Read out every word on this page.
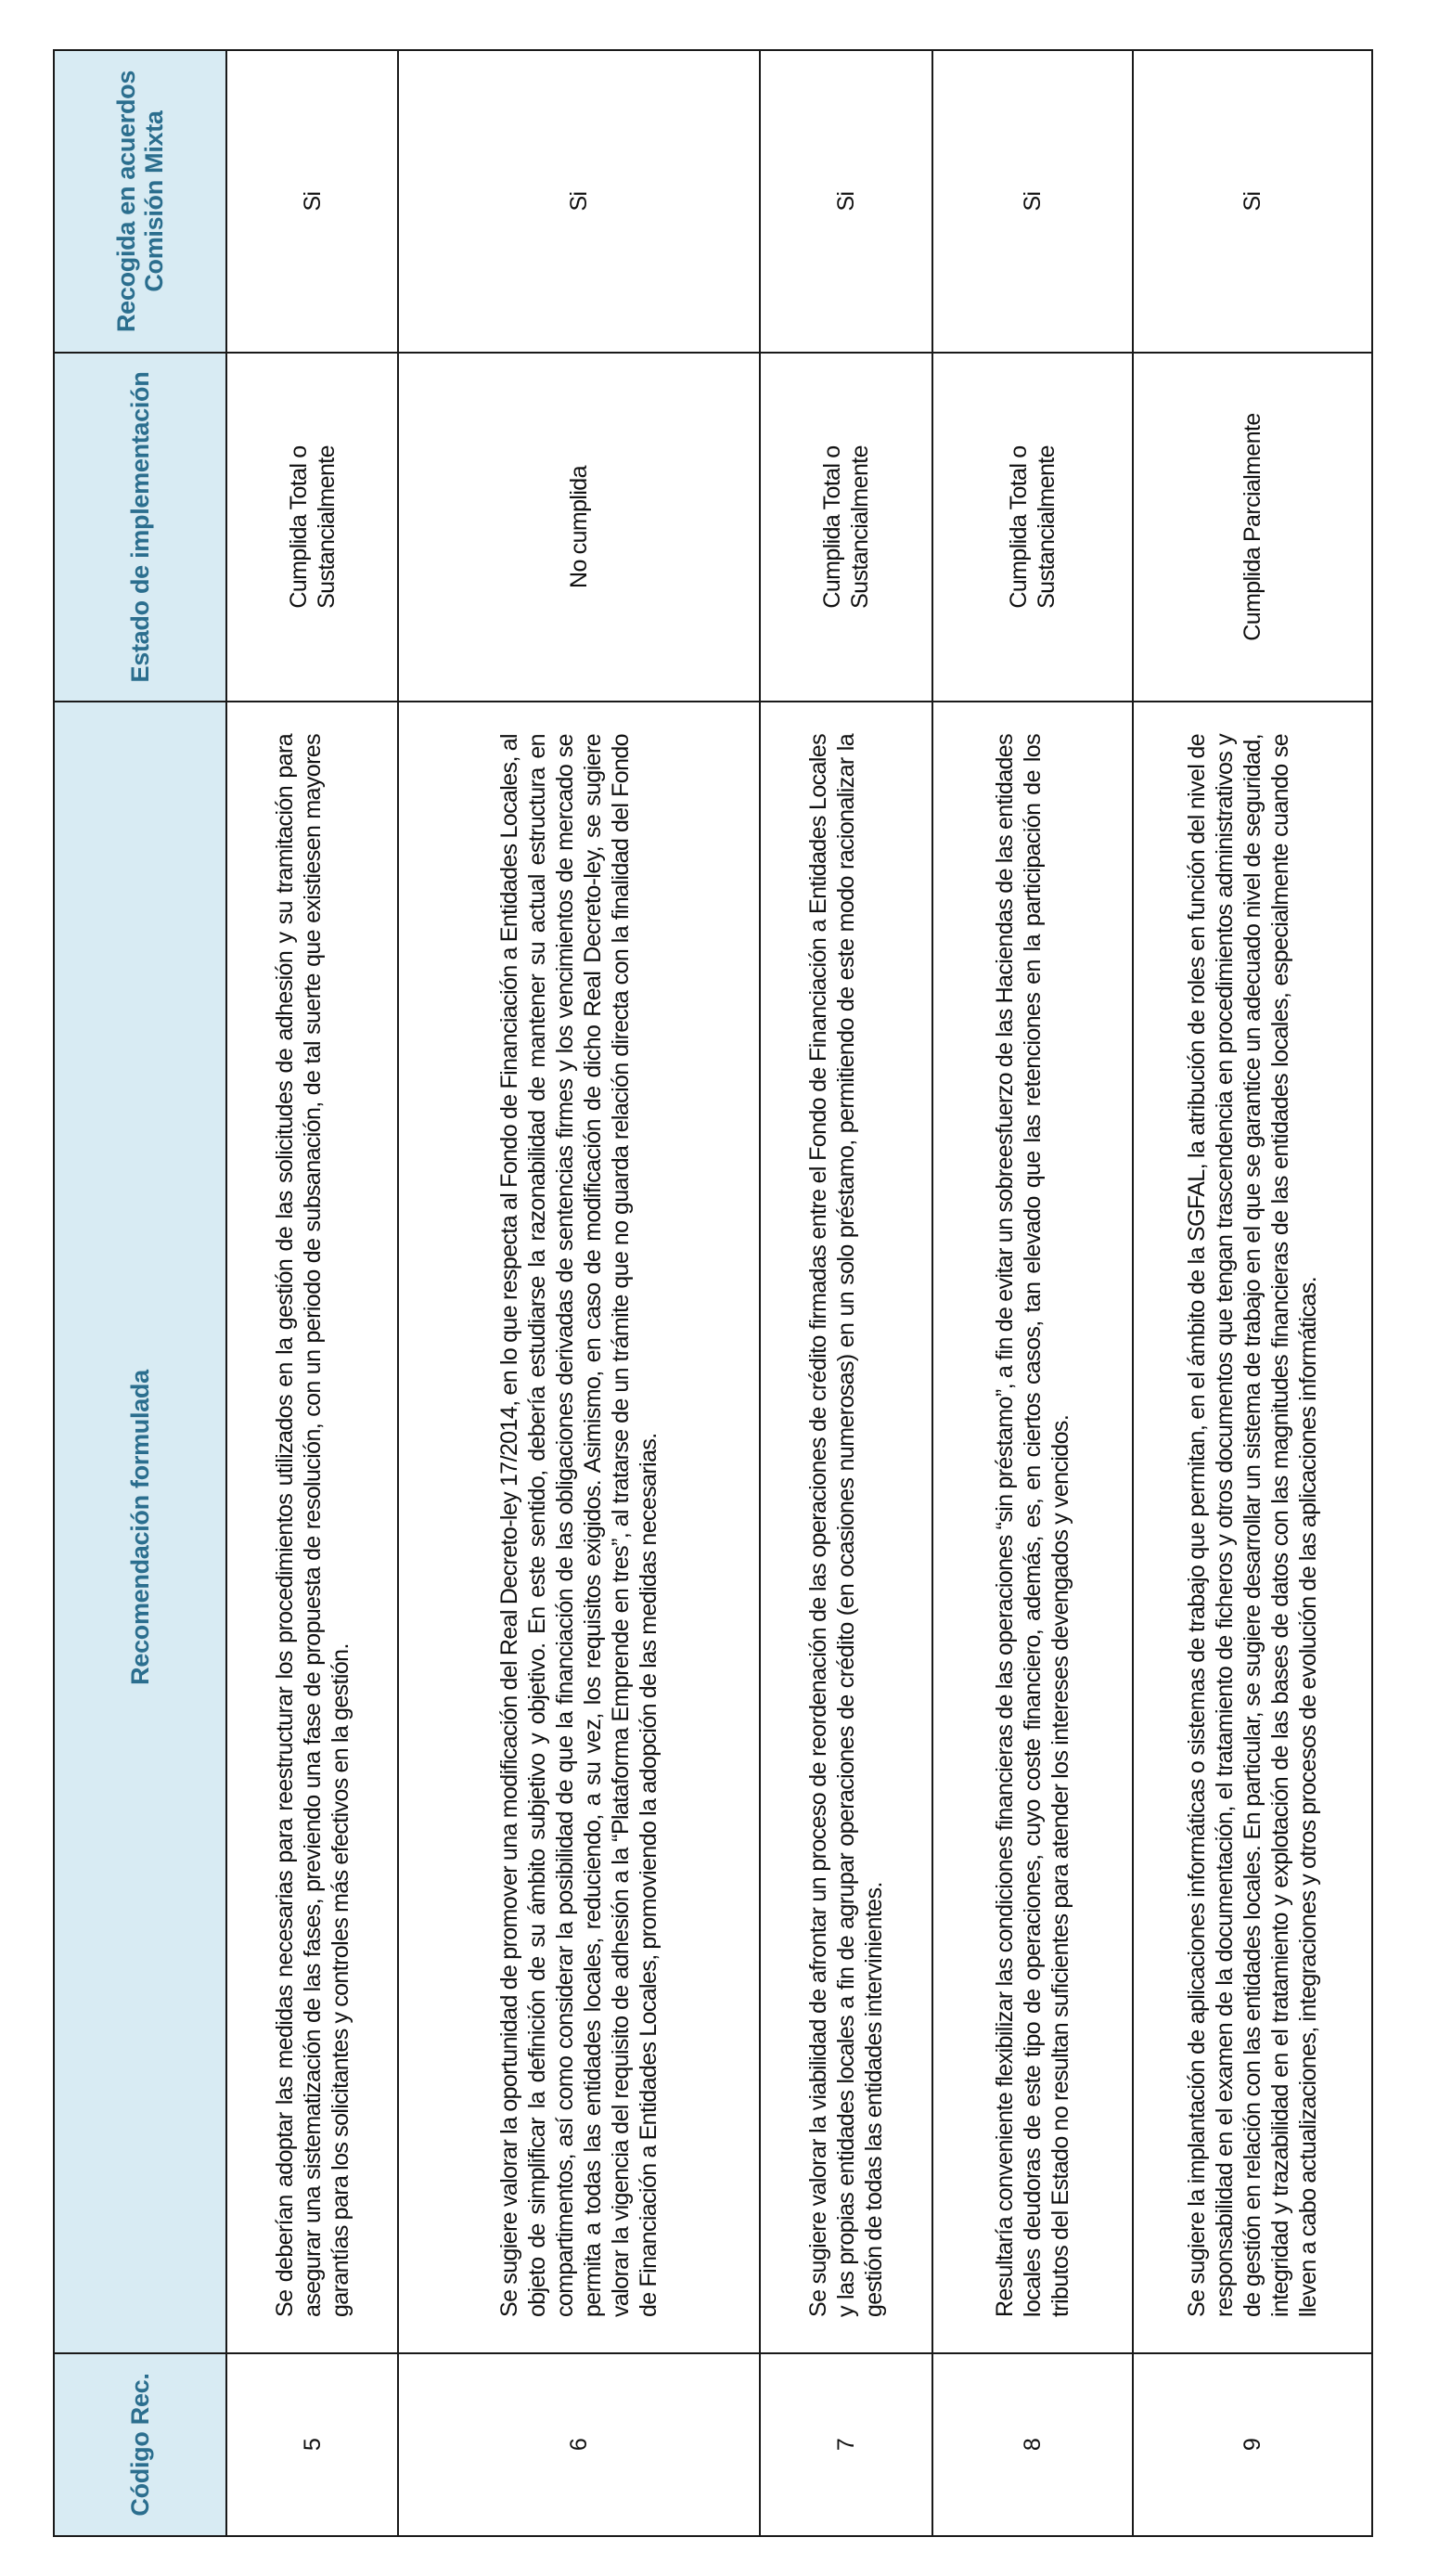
Código Rec.	Recomendación formulada	Estado de implementación	Recogida en acuerdos Comisión Mixta
5	Se deberían adoptar las medidas necesarias para reestructurar los procedimientos utilizados en la gestión de las solicitudes de adhesión y su tramitación para asegurar una sistematización de las fases, previendo una fase de propuesta de resolución, con un periodo de subsanación, de tal suerte que existiesen mayores garantías para los solicitantes y controles más efectivos en la gestión.	Cumplida Total o Sustancialmente	Si
6	Se sugiere valorar la oportunidad de promover una modificación del Real Decreto-ley 17/2014, en lo que respecta al Fondo de Financiación a Entidades Locales, al objeto de simplificar la definición de su ámbito subjetivo y objetivo. En este sentido, debería estudiarse la razonabilidad de mantener su actual estructura en compartimentos, así como considerar la posibilidad de que la financiación de las obligaciones derivadas de sentencias firmes y los vencimientos de mercado se permita a todas las entidades locales, reduciendo, a su vez, los requisitos exigidos. Asimismo, en caso de modificación de dicho Real Decreto-ley, se sugiere valorar la vigencia del requisito de adhesión a la “Plataforma Emprende en tres”, al tratarse de un trámite que no guarda relación directa con la finalidad del Fondo de Financiación a Entidades Locales, promoviendo la adopción de las medidas necesarias.	No cumplida	Si
7	Se sugiere valorar la viabilidad de afrontar un proceso de reordenación de las operaciones de crédito firmadas entre el Fondo de Financiación a Entidades Locales y las propias entidades locales a fin de agrupar operaciones de crédito (en ocasiones numerosas) en un solo préstamo, permitiendo de este modo racionalizar la gestión de todas las entidades intervinientes.	Cumplida Total o Sustancialmente	Si
8	Resultaría conveniente flexibilizar las condiciones financieras de las operaciones “sin préstamo”, a fin de evitar un sobreesfuerzo de las Haciendas de las entidades locales deudoras de este tipo de operaciones, cuyo coste financiero, además, es, en ciertos casos, tan elevado que las retenciones en la participación de los tributos del Estado no resultan suficientes para atender los intereses devengados y vencidos.	Cumplida Total o Sustancialmente	Si
9	Se sugiere la implantación de aplicaciones informáticas o sistemas de trabajo que permitan, en el ámbito de la SGFAL, la atribución de roles en función del nivel de responsabilidad en el examen de la documentación, el tratamiento de ficheros y otros documentos que tengan trascendencia en procedimientos administrativos y de gestión en relación con las entidades locales. En particular, se sugiere desarrollar un sistema de trabajo en el que se garantice un adecuado nivel de seguridad, integridad y trazabilidad en el tratamiento y explotación de las bases de datos con las magnitudes financieras de las entidades locales, especialmente cuando se lleven a cabo actualizaciones, integraciones y otros procesos de evolución de las aplicaciones informáticas.	Cumplida Parcialmente	Si
